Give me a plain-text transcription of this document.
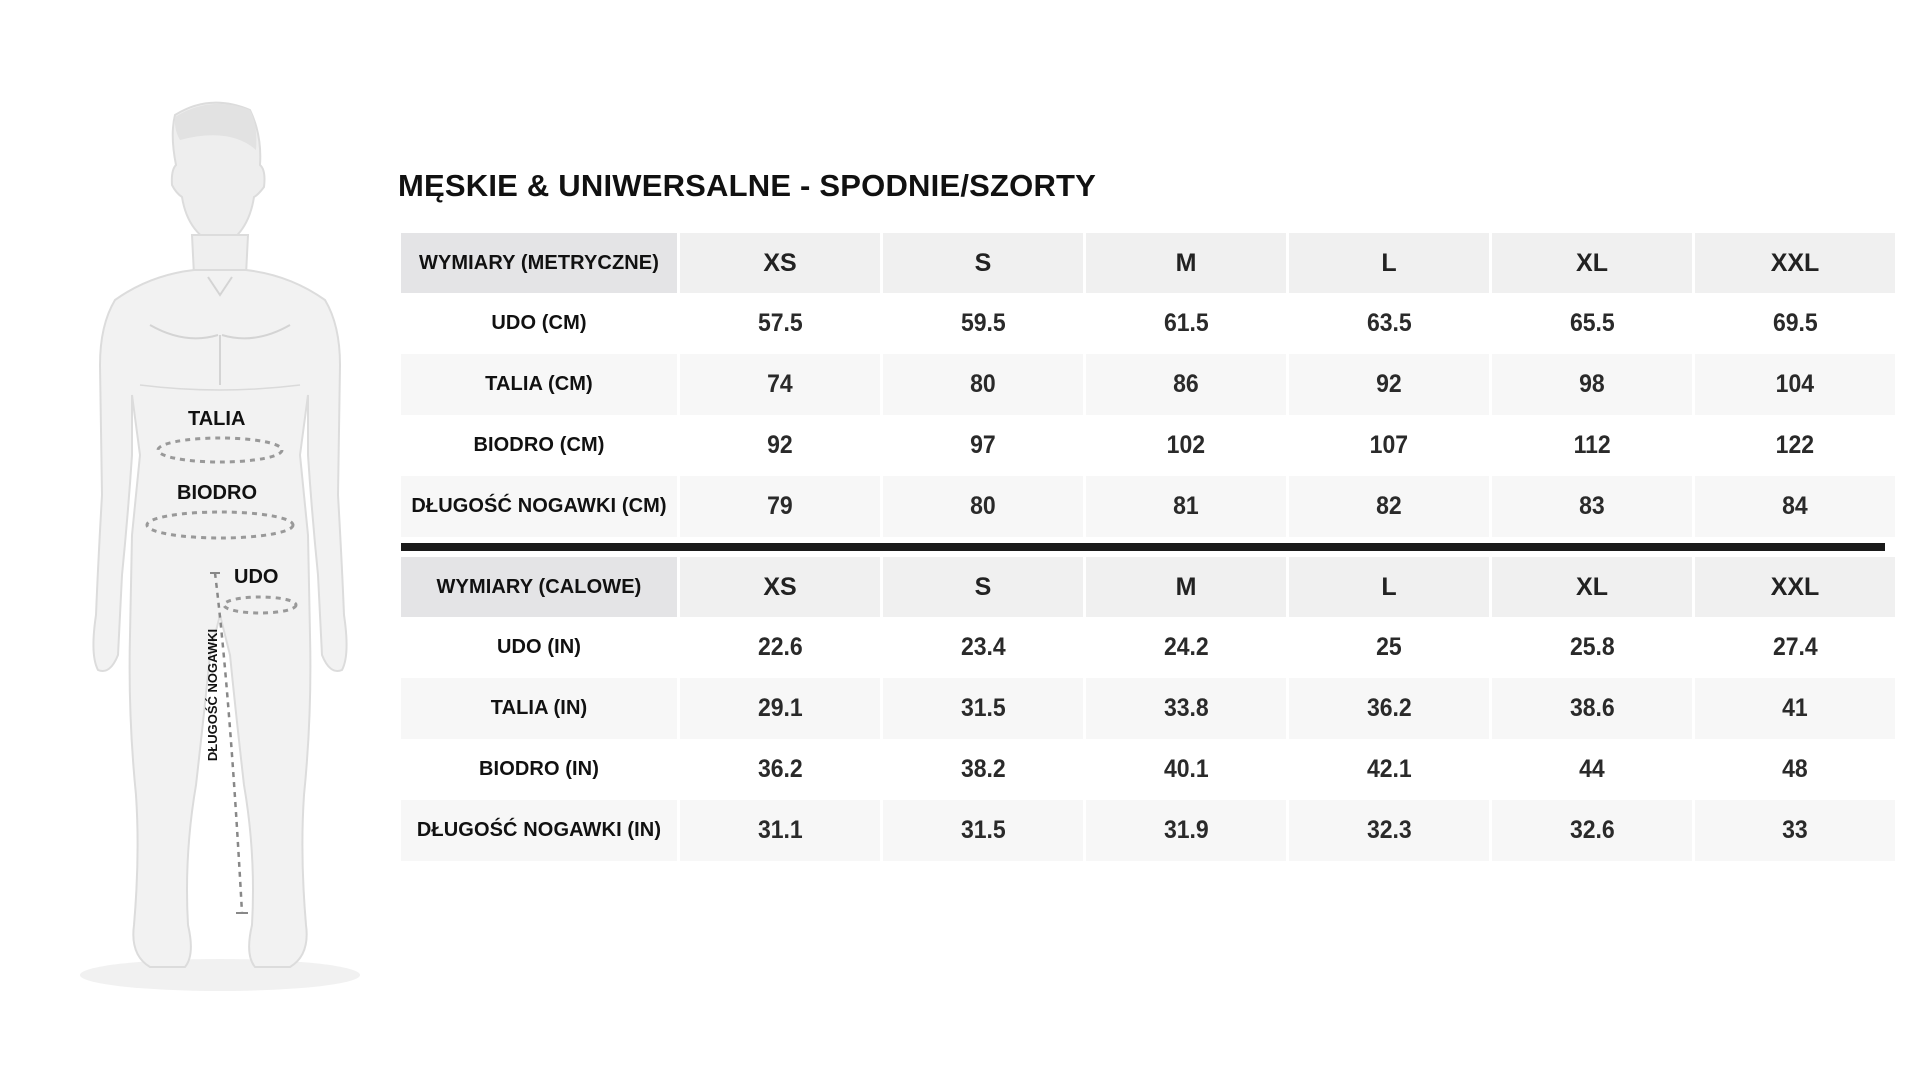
TALIA
BIODRO
UDO
DŁUGOŚĆ NOGAWKI
MĘSKIE & UNIWERSALNE - SPODNIE/SZORTY
WYMIARY (METRYCZNE)	XS	S	M	L	XL	XXL
UDO (CM)	57.5	59.5	61.5	63.5	65.5	69.5
TALIA (CM)	74	80	86	92	98	104
BIODRO (CM)	92	97	102	107	112	122
DŁUGOŚĆ NOGAWKI (CM)	79	80	81	82	83	84
WYMIARY (CALOWE)	XS	S	M	L	XL	XXL
UDO (IN)	22.6	23.4	24.2	25	25.8	27.4
TALIA (IN)	29.1	31.5	33.8	36.2	38.6	41
BIODRO (IN)	36.2	38.2	40.1	42.1	44	48
DŁUGOŚĆ NOGAWKI (IN)	31.1	31.5	31.9	32.3	32.6	33
